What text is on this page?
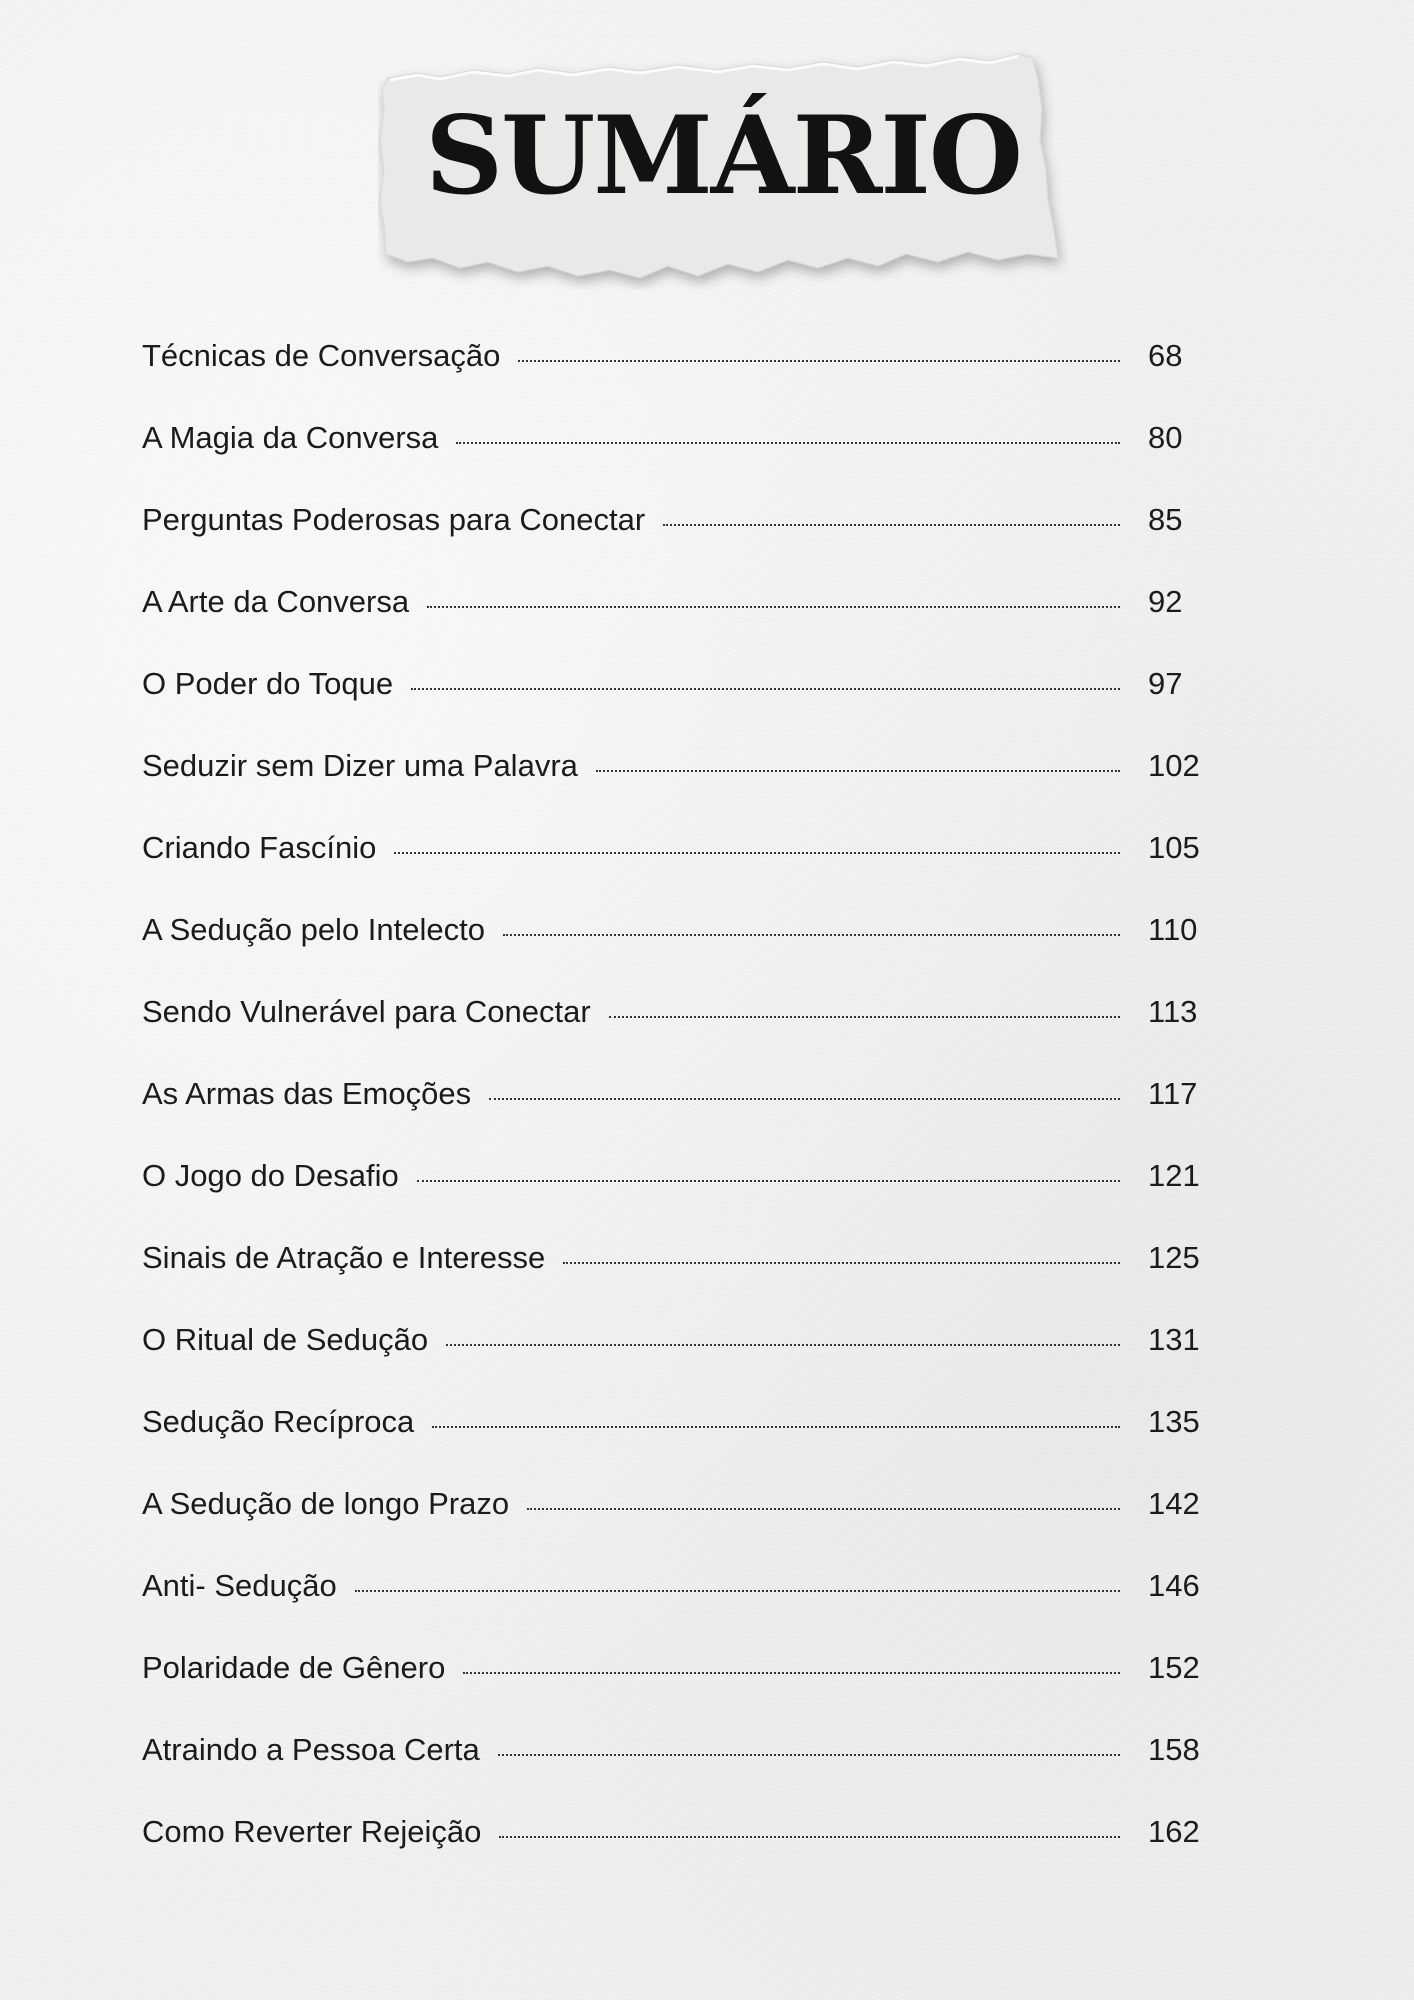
SUMÁRIO
Técnicas de Conversação	68
A Magia da Conversa	80
Perguntas Poderosas para Conectar	85
A Arte da Conversa	92
O Poder do Toque	97
Seduzir sem Dizer uma Palavra	102
Criando Fascínio	105
A Sedução pelo Intelecto	110
Sendo Vulnerável para Conectar	113
As Armas das Emoções	117
O Jogo do Desafio	121
Sinais de Atração e Interesse	125
O Ritual de Sedução	131
Sedução Recíproca	135
A Sedução de longo Prazo	142
Anti- Sedução	146
Polaridade de Gênero	152
Atraindo a Pessoa Certa	158
Como Reverter Rejeição	162
